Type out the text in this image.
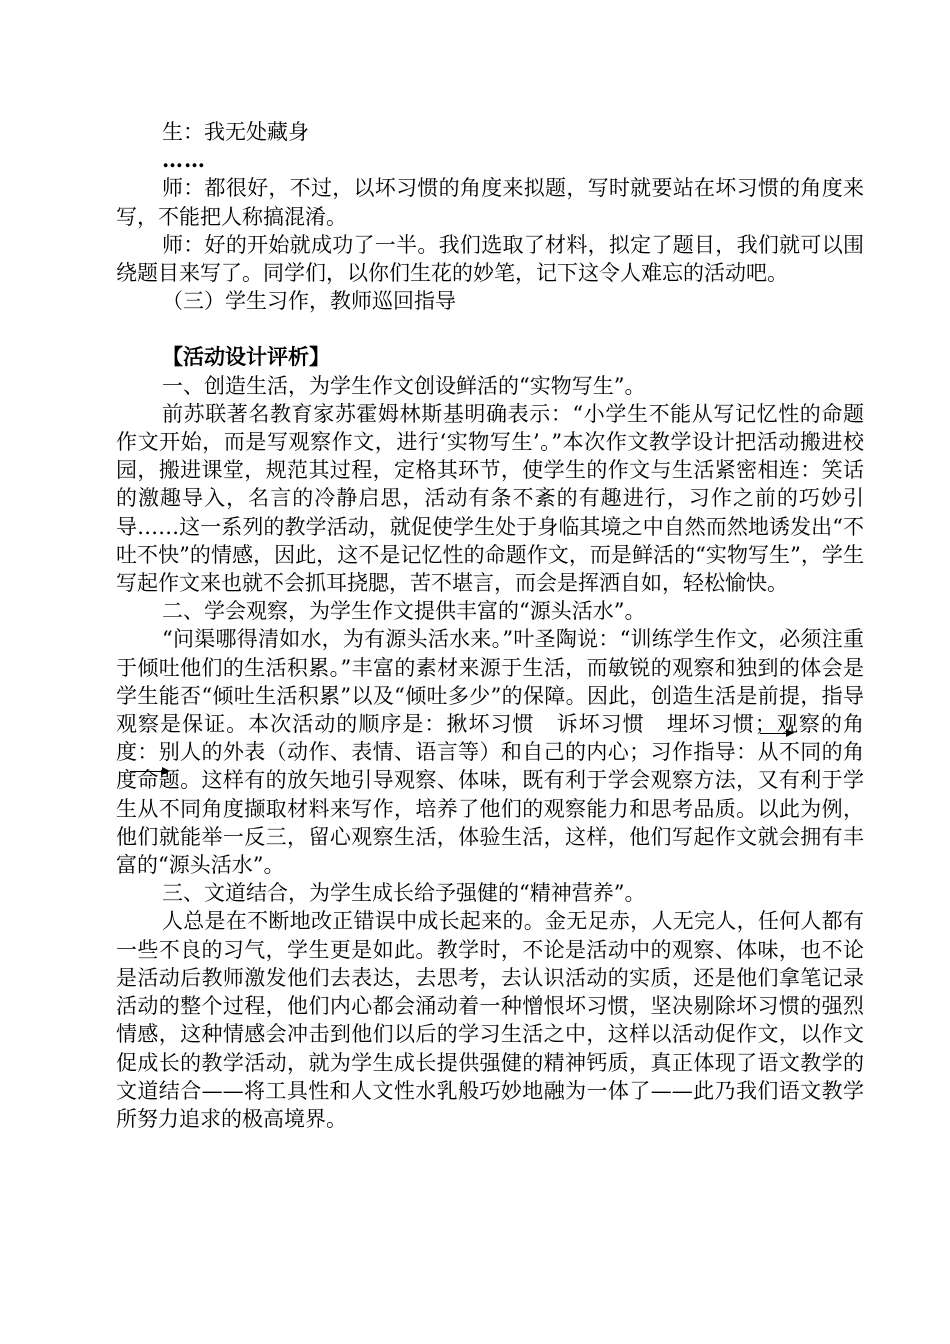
生：我无处藏身

……

师：都很好，不过，以坏习惯的角度来拟题，写时就要站在坏习惯的角度来写，不能把人称搞混淆。

师：好的开始就成功了一半。我们选取了材料，拟定了题目，我们就可以围绕题目来写了。同学们，以你们生花的妙笔，记下这令人难忘的活动吧。

（三）学生习作，教师巡回指导

【活动设计评析】

一、创造生活，为学生作文创设鲜活的“实物写生”。

前苏联著名教育家苏霍姆林斯基明确表示：“小学生不能从写记忆性的命题作文开始，而是写观察作文，进行‘实物写生’。”本次作文教学设计把活动搬进校园，搬进课堂，规范其过程，定格其环节，使学生的作文与生活紧密相连：笑话的激趣导入，名言的冷静启思，活动有条不紊的有趣进行，习作之前的巧妙引导……这一系列的教学活动，就促使学生处于身临其境之中自然而然地诱发出“不吐不快”的情感，因此，这不是记忆性的命题作文，而是鲜活的“实物写生”，学生写起作文来也就不会抓耳挠腮，苦不堪言，而会是挥洒自如，轻松愉快。

二、学会观察，为学生作文提供丰富的“源头活水”。

“问渠哪得清如水，为有源头活水来。”叶圣陶说：“训练学生作文，必须注重于倾吐他们的生活积累。”丰富的素材来源于生活，而敏锐的观察和独到的体会是学生能否“倾吐生活积累”以及“倾吐多少”的保障。因此，创造生活是前提，指导观察是保证。本次活动的顺序是：揪坏习惯　诉坏习惯　埋坏习惯；观察的角度：别人的外表（动作、表情、语言等）和自己的内心；习作指导：从不同的角度命题。这样有的放矢地引导观察、体味，既有利于学会观察方法，又有利于学生从不同角度撷取材料来写作，培养了他们的观察能力和思考品质。以此为例，他们就能举一反三，留心观察生活，体验生活，这样，他们写起作文就会拥有丰富的“源头活水”。

三、文道结合，为学生成长给予强健的“精神营养”。

人总是在不断地改正错误中成长起来的。金无足赤，人无完人，任何人都有一些不良的习气，学生更是如此。教学时，不论是活动中的观察、体味，也不论是活动后教师激发他们去表达，去思考，去认识活动的实质，还是他们拿笔记录活动的整个过程，他们内心都会涌动着一种憎恨坏习惯，坚决剔除坏习惯的强烈情感，这种情感会冲击到他们以后的学习生活之中，这样以活动促作文，以作文促成长的教学活动，就为学生成长提供强健的精神钙质，真正体现了语文教学的文道结合——将工具性和人文性水乳般巧妙地融为一体了——此乃我们语文教学所努力追求的极高境界。
